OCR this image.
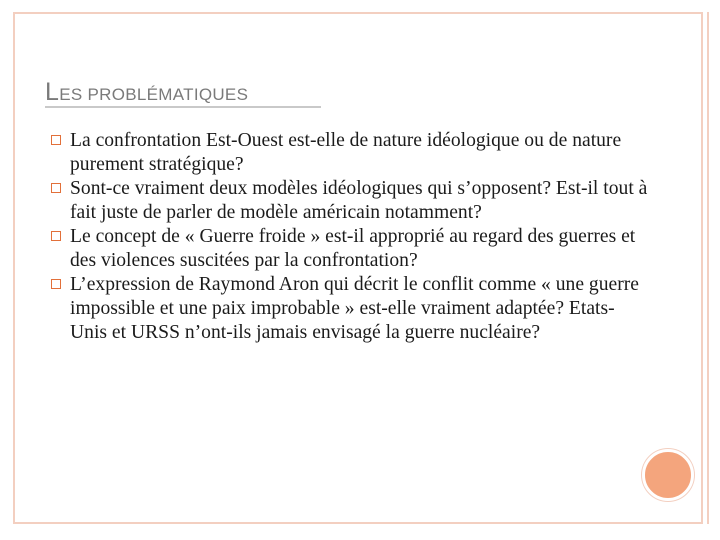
LES PROBLÉMATIQUES
La confrontation Est-Ouest est-elle de nature idéologique ou de nature purement stratégique?
Sont-ce vraiment deux modèles idéologiques qui s’opposent? Est-il tout à fait juste de parler de modèle américain notamment?
Le concept de « Guerre froide » est-il approprié au regard des guerres et des violences suscitées par la confrontation?
L’expression de Raymond Aron qui décrit le conflit comme « une guerre impossible et une paix improbable » est-elle vraiment adaptée? Etats-Unis et URSS n’ont-ils jamais envisagé la guerre nucléaire?
